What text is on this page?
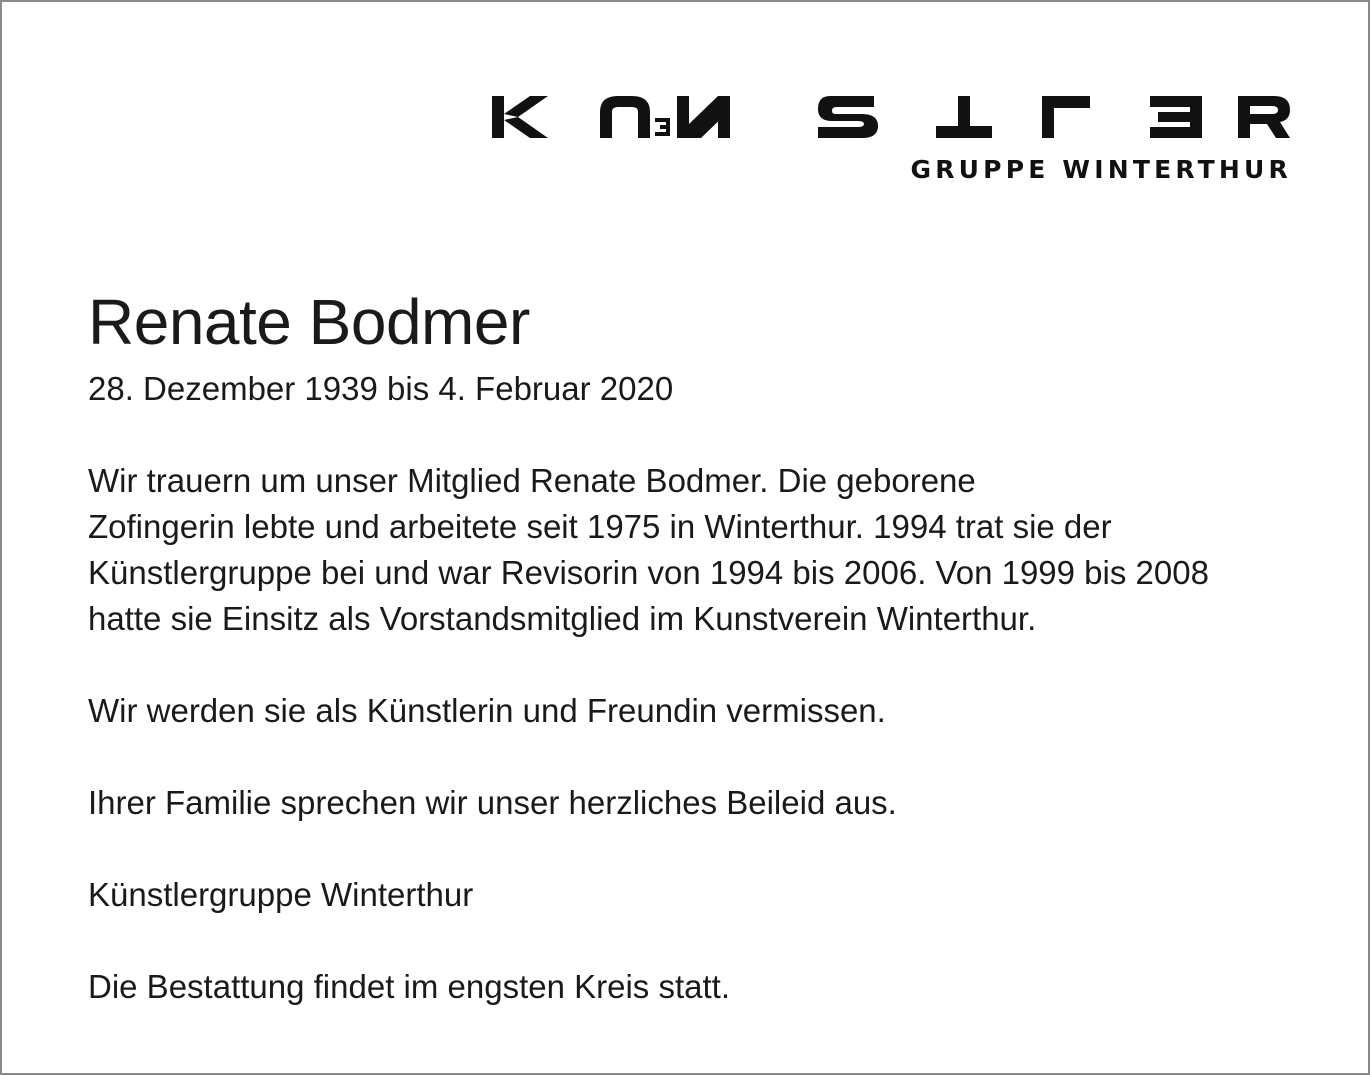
GRUPPE WINTERTHUR
Renate Bodmer

28. Dezember 1939 bis 4. Februar 2020

Wir trauern um unser Mitglied Renate Bodmer. Die geborene
Zofingerin lebte und arbeitete seit 1975 in Winterthur. 1994 trat sie der
Künstlergruppe bei und war Revisorin von 1994 bis 2006. Von 1999 bis 2008
hatte sie Einsitz als Vorstandsmitglied im Kunstverein Winterthur.

Wir werden sie als Künstlerin und Freundin vermissen.

Ihrer Familie sprechen wir unser herzliches Beileid aus.

Künstlergruppe Winterthur

Die Bestattung findet im engsten Kreis statt.
